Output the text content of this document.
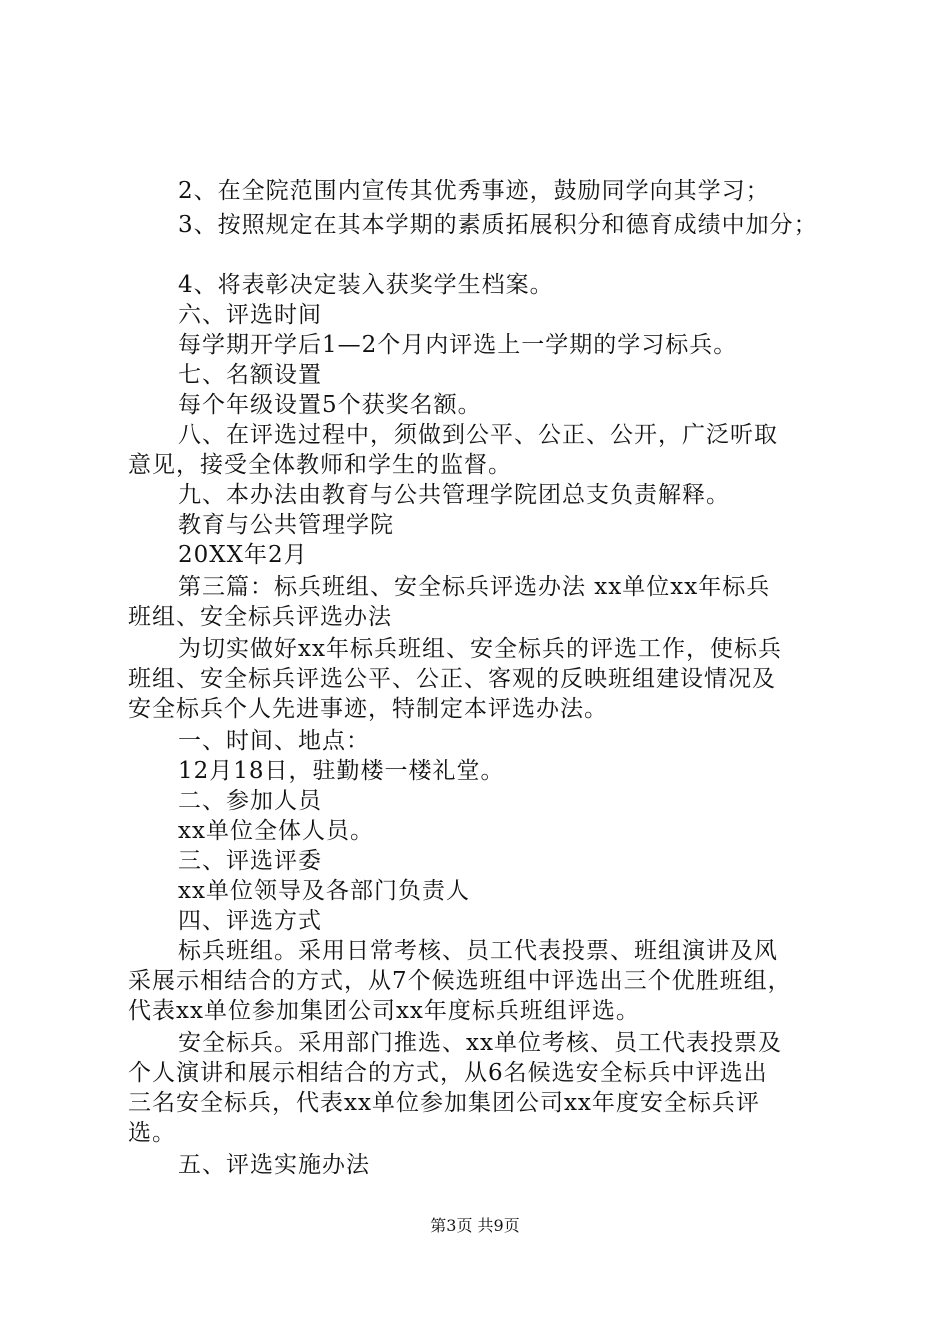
2、在全院范围内宣传其优秀事迹，鼓励同学向其学习；
3、按照规定在其本学期的素质拓展积分和德育成绩中加分；
4、将表彰决定装入获奖学生档案。
六、评选时间
每学期开学后1—2个月内评选上一学期的学习标兵。
七、名额设置
每个年级设置5个获奖名额。
八、在评选过程中，须做到公平、公正、公开，广泛听取
意见，接受全体教师和学生的监督。
九、本办法由教育与公共管理学院团总支负责解释。
教育与公共管理学院
20XX年2月
第三篇：标兵班组、安全标兵评选办法 xx单位xx年标兵
班组、安全标兵评选办法
为切实做好xx年标兵班组、安全标兵的评选工作，使标兵
班组、安全标兵评选公平、公正、客观的反映班组建设情况及
安全标兵个人先进事迹，特制定本评选办法。
一、时间、地点：
12月18日，驻勤楼一楼礼堂。
二、参加人员
xx单位全体人员。
三、评选评委
xx单位领导及各部门负责人
四、评选方式
标兵班组。采用日常考核、员工代表投票、班组演讲及风
采展示相结合的方式，从7个候选班组中评选出三个优胜班组，
代表xx单位参加集团公司xx年度标兵班组评选。
安全标兵。采用部门推选、xx单位考核、员工代表投票及
个人演讲和展示相结合的方式，从6名候选安全标兵中评选出
三名安全标兵，代表xx单位参加集团公司xx年度安全标兵评
选。
五、评选实施办法
第3页 共9页
